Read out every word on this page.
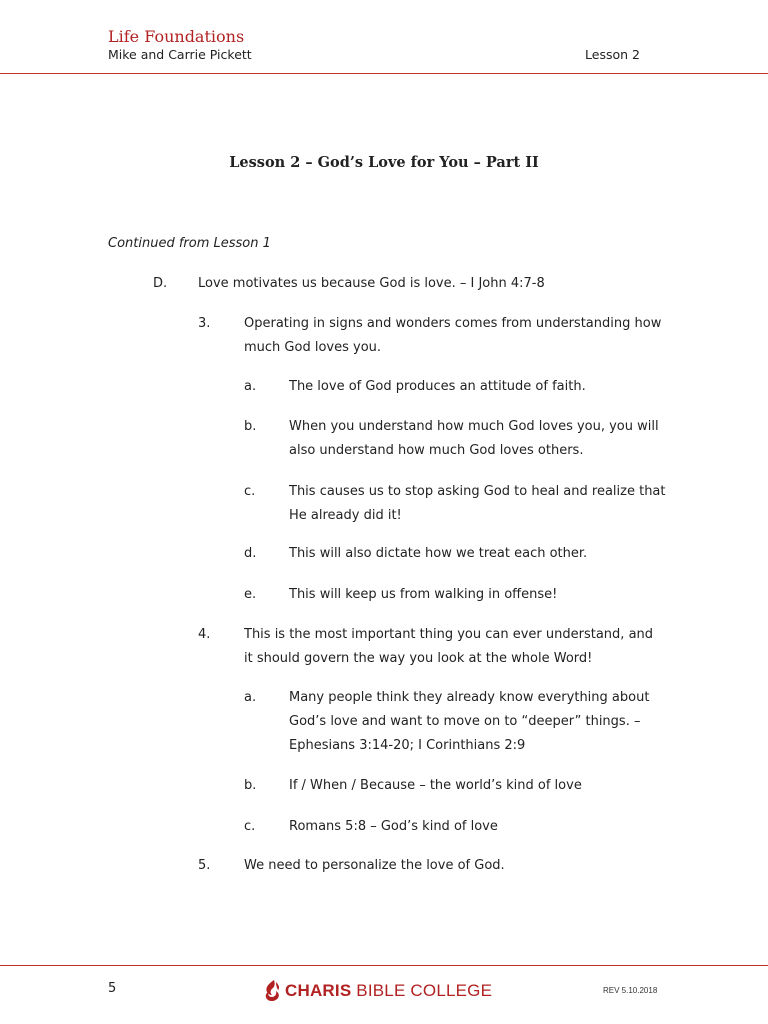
Life Foundations
Mike and Carrie Pickett	Lesson 2
Lesson 2 – God’s Love for You – Part II
Continued from Lesson 1
D. Love motivates us because God is love. – I John 4:7-8
3.	Operating in signs and wonders comes from understanding how much God loves you.
a.	The love of God produces an attitude of faith.
b.	When you understand how much God loves you, you will also understand how much God loves others.
c.	This causes us to stop asking God to heal and realize that He already did it!
d.	This will also dictate how we treat each other.
e.	This will keep us from walking in offense!
4.	This is the most important thing you can ever understand, and it should govern the way you look at the whole Word!
a.	Many people think they already know everything about God’s love and want to move on to “deeper” things. – Ephesians 3:14-20; I Corinthians 2:9
b.	If / When / Because – the world’s kind of love
c.	Romans 5:8 – God’s kind of love
5.	We need to personalize the love of God.
5	CHARIS BIBLE COLLEGE	REV 5.10.2018
